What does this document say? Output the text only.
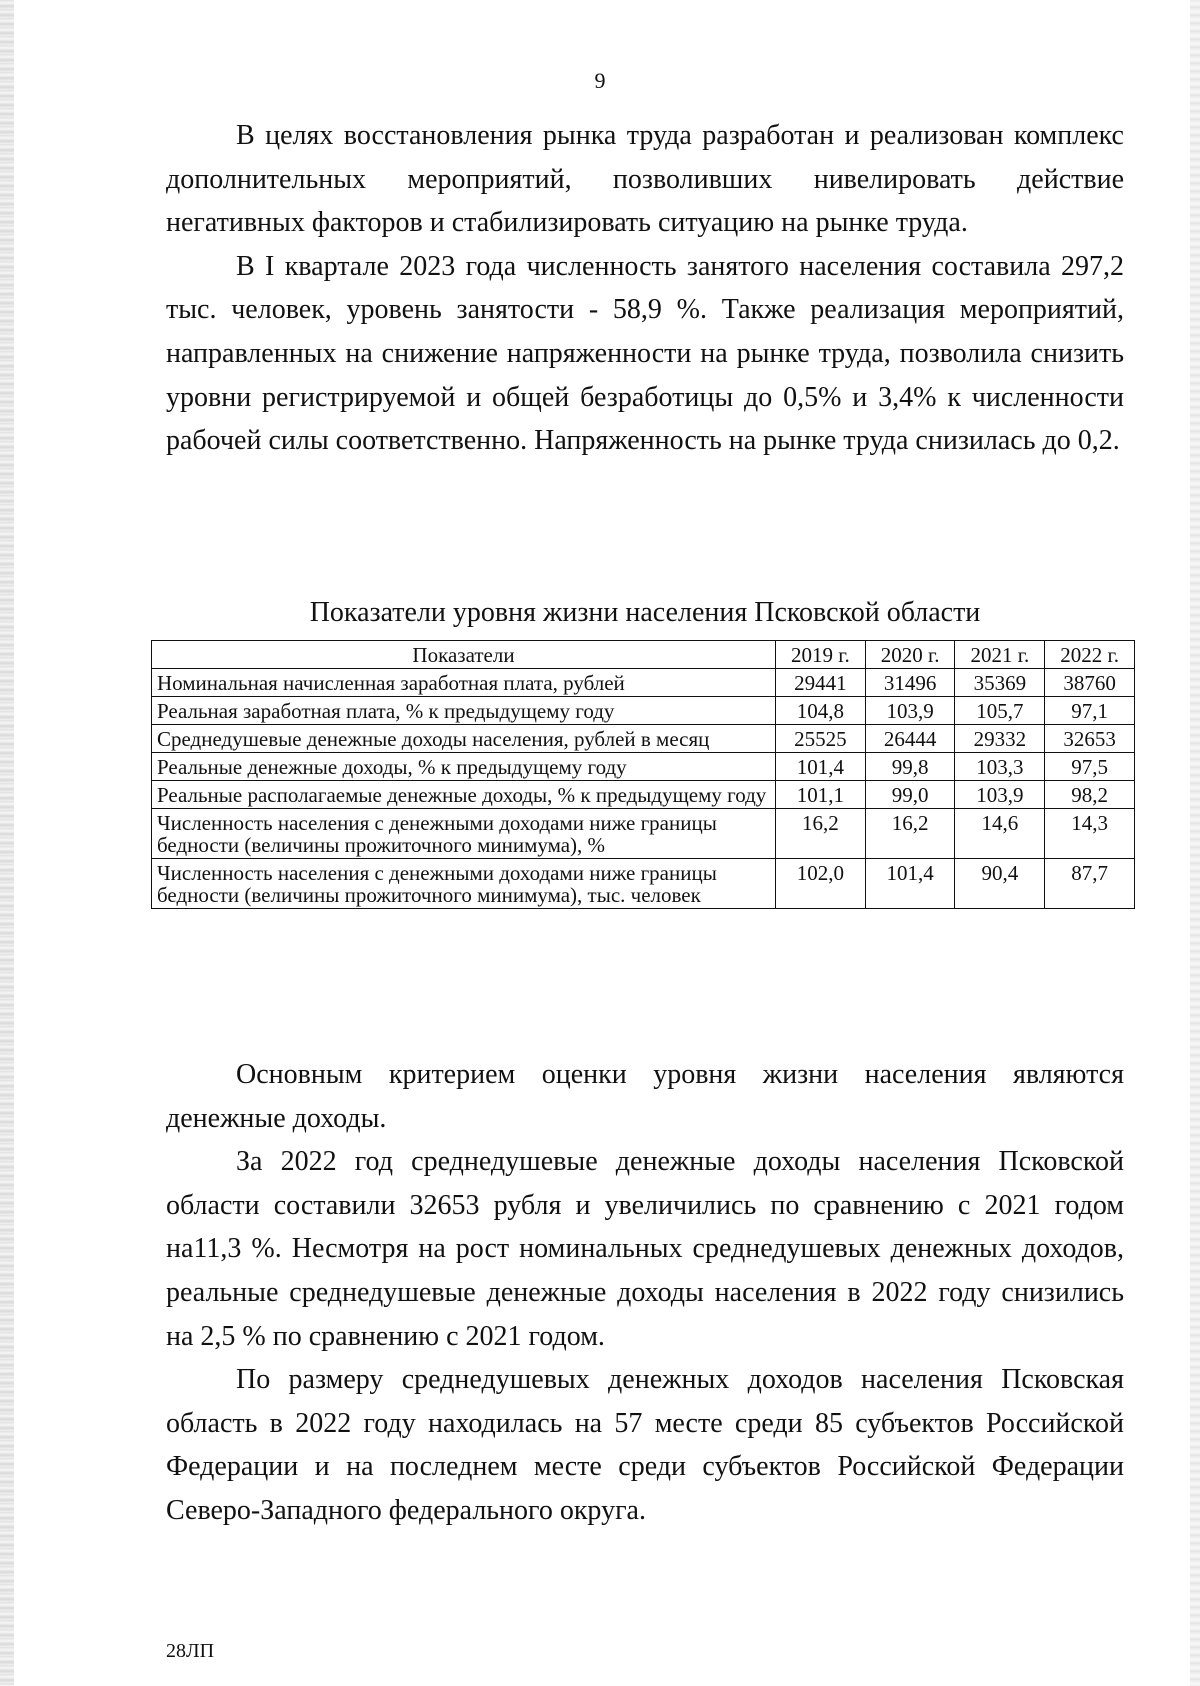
9

В целях восстановления рынка труда разработан и реализован комплекс дополнительных мероприятий, позволивших нивелировать действие негативных факторов и стабилизировать ситуацию на рынке труда.

В I квартале 2023 года численность занятого населения составила 297,2 тыс. человек, уровень занятости - 58,9 %. Также реализация мероприятий, направленных на снижение напряженности на рынке труда, позволила снизить уровни регистрируемой и общей безработицы до 0,5% и 3,4% к численности рабочей силы соответственно. Напряженность на рынке труда снизилась до 0,2.

Показатели уровня жизни населения Псковской области
Показатели	2019 г.	2020 г.	2021 г.	2022 г.
Номинальная начисленная заработная плата, рублей	29441	31496	35369	38760
Реальная заработная плата, % к предыдущему году	104,8	103,9	105,7	97,1
Среднедушевые денежные доходы населения, рублей в месяц	25525	26444	29332	32653
Реальные денежные доходы, % к предыдущему году	101,4	99,8	103,3	97,5
Реальные располагаемые денежные доходы, % к предыдущему году	101,1	99,0	103,9	98,2
Численность населения с денежными доходами ниже границы бедности (величины прожиточного минимума), %	16,2	16,2	14,6	14,3
Численность населения с денежными доходами ниже границы бедности (величины прожиточного минимума), тыс. человек	102,0	101,4	90,4	87,7

Основным критерием оценки уровня жизни населения являются денежные доходы.

За 2022 год среднедушевые денежные доходы населения Псковской области составили 32653 рубля и увеличились по сравнению с 2021 годом на11,3 %. Несмотря на рост номинальных среднедушевых денежных доходов, реальные среднедушевые денежные доходы населения в 2022 году снизились на 2,5 % по сравнению с 2021 годом.

По размеру среднедушевых денежных доходов населения Псковская область в 2022 году находилась на 57 месте среди 85 субъектов Российской Федерации и на последнем месте среди субъектов Российской Федерации Северо-Западного федерального округа.

28ЛП
